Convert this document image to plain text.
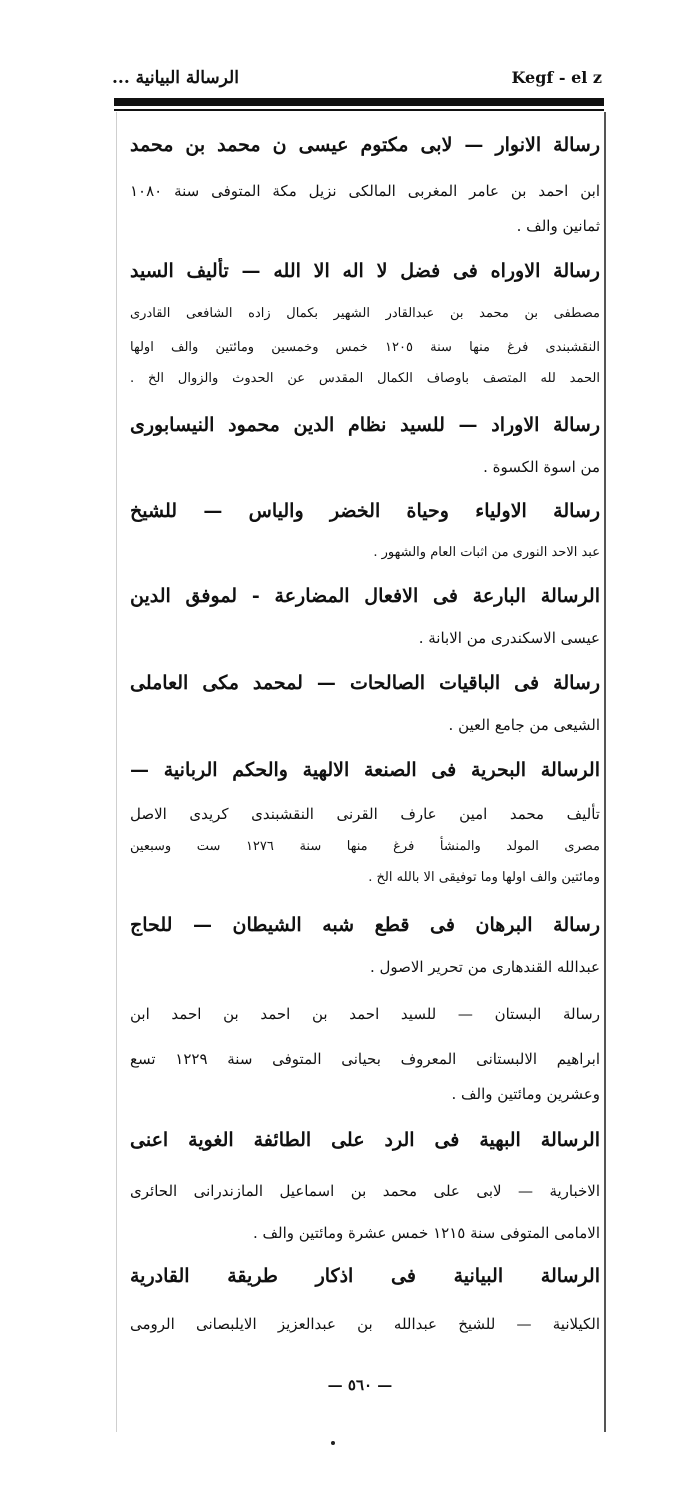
الرسالة البيانية ...	Kegf - el z
رسالة الانوار — لابى مكتوم عيسى ن محمد بن محمد
ابن احمد بن عامر المغربى المالكى نزيل مكة المتوفى سنة ١٠٨٠
ثمانين والف .
رسالة الاوراه فى فضل لا اله الا الله — تأليف السيد
مصطفى بن محمد بن عبدالقادر الشهير بكمال زاده الشافعى القادرى
النقشبندى فرغ منها سنة ١٢٠٥ خمس وخمسين ومائتين والف اولها
الحمد لله المتصف باوصاف الكمال المقدس عن الحدوث والزوال الخ .
رسالة الاوراد — للسيد نظام الدين محمود النيسابورى
من اسوة الكسوة .
رسالة الاولياء وحياة الخضر والياس — للشيخ
عبد الاحد النورى من اثبات العام والشهور .
الرسالة البارعة فى الافعال المضارعة - لموفق الدين
عيسى الاسكندرى من الابانة .
رسالة فى الباقيات الصالحات — لمحمد مكى العاملى
الشيعى من جامع العين .
الرسالة البحرية فى الصنعة الالهية والحكم الربانية —
تأليف محمد امين عارف القرنى النقشبندى كريدى الاصل
مصرى المولد والمنشأ فرغ منها سنة ١٢٧٦ ست وسبعين
ومائتين والف اولها وما توفيقى الا بالله الخ .
رسالة البرهان فى قطع شبه الشيطان — للحاج
عبدالله القندهارى من تحرير الاصول .
رسالة البستان — للسيد احمد بن احمد بن احمد ابن
ابراهيم الالبستانى المعروف بحيانى المتوفى سنة ١٢٢٩ تسع
وعشرين ومائتين والف .
الرسالة البهية فى الرد على الطائفة الغوية اعنى
الاخبارية — لابى على محمد بن اسماعيل المازندرانى الحائرى
الامامى المتوفى سنة ١٢١٥ خمس عشرة ومائتين والف .
الرسالة البيانية فى اذكار طريقة القادرية
الكيلانية — للشيخ عبدالله بن عبدالعزيز الايلبصانى الرومى
— ٥٦٠ —
